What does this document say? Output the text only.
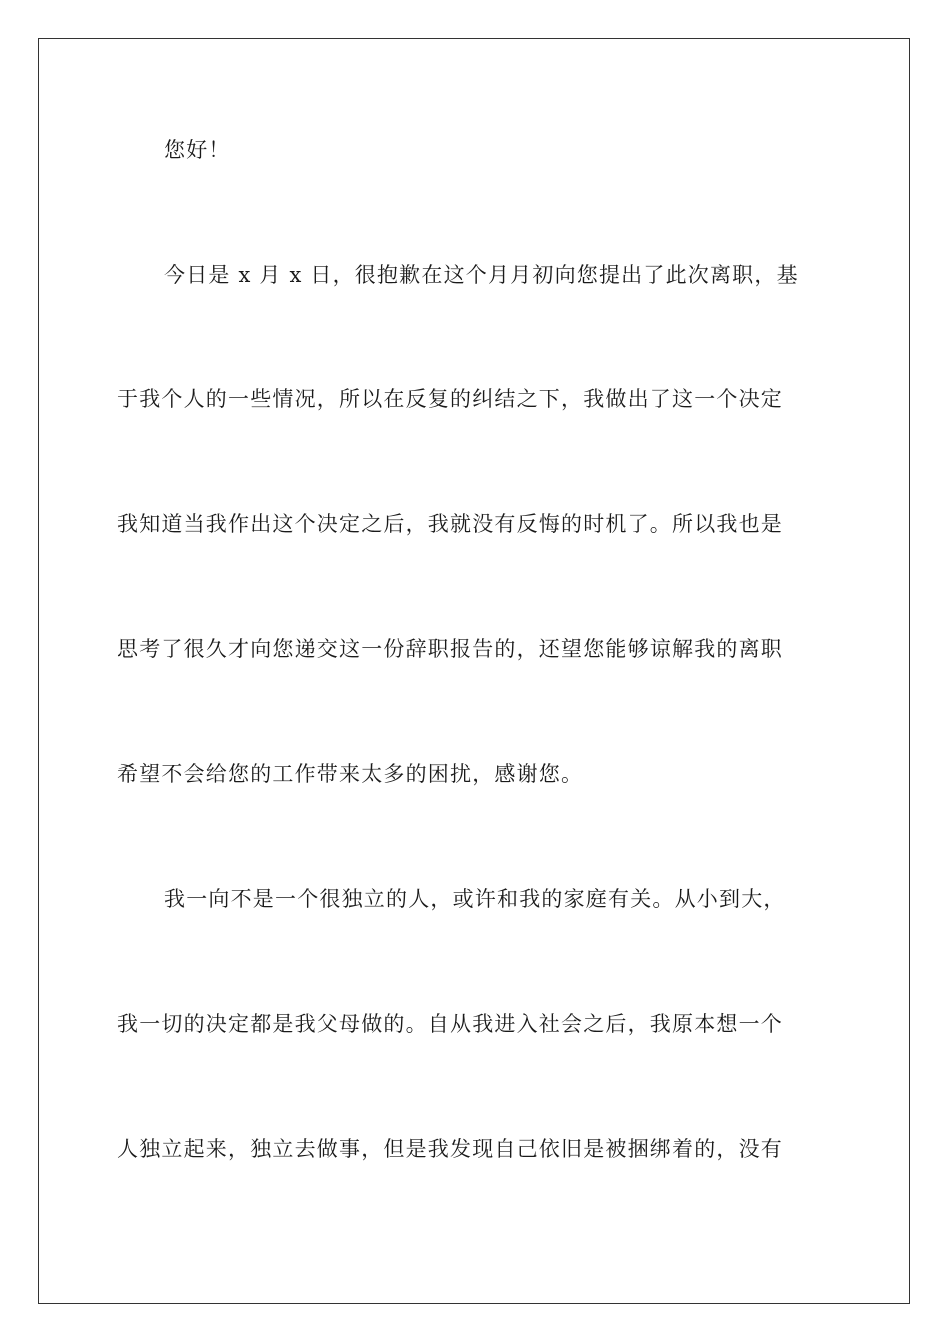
您好！
今日是 x 月 x 日，很抱歉在这个月月初向您提出了此次离职，基
于我个人的一些情况，所以在反复的纠结之下，我做出了这一个决定
我知道当我作出这个决定之后，我就没有反悔的时机了。所以我也是
思考了很久才向您递交这一份辞职报告的，还望您能够谅解我的离职
希望不会给您的工作带来太多的困扰，感谢您。
我一向不是一个很独立的人，或许和我的家庭有关。从小到大，
我一切的决定都是我父母做的。自从我进入社会之后，我原本想一个
人独立起来，独立去做事，但是我发现自己依旧是被捆绑着的，没有
